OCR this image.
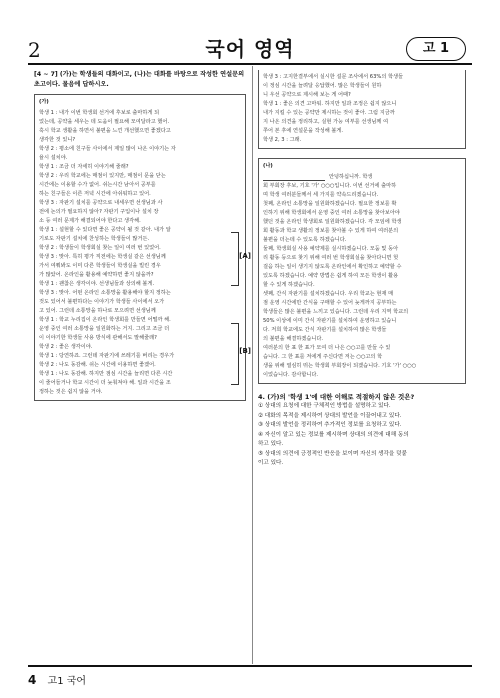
2	국어 영역	고 1
[4 ~ 7] (가)는 학생들의 대화이고, (나)는 대화를 바탕으로 작성한 연설문의 초고이다. 물음에 답하시오.
(가)
학생 1 : 내가 이번 학생회 선거에 후보로 출마하게 되
었는데, 공약을 세우는 데 도움이 필요해 모여달라고 했어.
혹시 학교 생활을 하면서 불편을 느낀 개선했으면 좋겠다고
생각한 것 있니?
학생 2 : 평소에 친구들 사이에서 제일 많이 나온 이야기는 자
율시 설치야.
학생 1 : 조금 더 자세히 이야기해 줄래?
학생 2 : 우리 학교에는 매점이 있지만, 매점이 문을 닫는
시간에는 이용할 수가 없어. 쉬는시간 남아서 공부를
하는 친구들은 이른 저녁 시간에 아쉬워하고 있어.
학생 3 : 자판기 설치를 공약으로 내세우면 선생님과 사
전에 논의가 필요하지 않아? 자판기 구입이나 설치 장
소 등 여러 문제가 해결되어야 한다고 생각해.
학생 1 : 설현할 수 있다면 좋은 공약이 될 것 같아. 내가 알
기로도 자판기 설치에 찬성하는 학생들이 많거든.
학생 2 : 학생들이 학생회실 찾는 일이 여러 번 있었어.
학생 3 : 맞아. 특히 평가 직전에는 학생실 같은 선생님께
가서 여쭤봐도 이미 다른 학생들이 학생실을 빌린 경우
가 많았어. 온라인을 활용해 예약하면 좋지 않을까?
학생 1 : 괜찮은 생각이야. 선생님들과 상의해 볼게.
학생 3 : 맞아. 어떤 온라인 소통망을 활용해야 할지 정하는
것도 있어서 불편하다는 이야기가 학생들 사이에서 오가
고 있어. 그런데 소통망을 하나로 모으려면 선생님께
학생 1 : 학교 누리집이 온라인 학생회를 만들면 어떨까 해.
운영 중인 여러 소통망을 일원화하는 거지. 그리고 조금 더
이 이야기한 학생들 사용 방식에 관해서도 말해줄래?
학생 2 : 좋은 생각이야.
학생 1 : 당연하죠. 그런데 자판기에 쓰레기를 버리는 경우가
학생 2 : 나도 동감해. 쉬는 시간에 이용하면 좋겠어.
학생 1 : 나도 동감해. 하지만 점심 시간을 늘리면 다른 시간
이 줄어들거나 학교 시간이 더 늦춰져야 해. 일과 시간을 조
정하는 것은 쉽지 않을 거야.
[A]
[B]
학생 3 : 고지한결부에서 실시한 설문 조사에서 63%의 학생들
이 정심 시간을 늘려달 응답했어. 많은 학생들이 원하
니 우선 공약으로 제시해 보는 게 어때?
학생 1 : 좋은 의견 고마워. 하지만 일과 조정은 쉽지 않으니
내가 지킬 수 있는 공약만 제시하는 것이 좋아. 그럼 지금까
지 나온 의견을 정리하고, 실현 가능 여부를 선생님께 여
쭈어 본 후에 연설문을 작성해 볼게.
학생 2, 3 : 그래.
(나)
안녕하십니까. 학생
회 부회장 후보, 기호 '가' ○○○입니다. 이번 선거에 출마하
며 학생 여러분들께서 세 가지를 약속드리겠습니다.
첫째, 온라인 소통망을 일원화하겠습니다. 필요한 정보를 확
인하기 위해 학생회에서 운영 중인 여러 소통망을 찾아보아야
했던 것을 온라인 학생회로 일원화하겠습니다. 각 모임에 학생
회 활동과 학교 생활의 정보를 찾아볼 수 있게 하여 여러분의
불편을 더는데 수 있도록 하겠습니다.
둘째, 학생회실 사용 예약제를 실시하겠습니다. 모둠 및 동아
리 활동 등으로 찾기 위해 여러 번 학생회실을 찾아다니면 헛
걸음 하는 일이 생기지 않도록 온라인에서 확인하고 예약할 수
있도록 하겠습니다. 예약 방법은 쉽게 하여 모든 학생이 활용
할 수 있게 하겠습니다.
셋째, 간식 자판기를 설치하겠습니다. 우리 학교는 현재 매
점 운영 시간에만 간식을 구매할 수 있어 늦게까지 공부하는
학생들은 많은 불편을 느끼고 있습니다. 그런데 우리 지역 학교의
50% 이상에 이미 간식 자판기를 설치하여 운영하고 있습니
다. 저희 학교에도 간식 자판기를 설치하여 많은 학생들
의 불편을 해결하겠습니다.
여러분의 한 표 한 표가 모여 더 나은 ○○고를 만들 수 있
습니다. 그 한 표를 저에게 주신다면 저는 ○○고의 학
생을 위해 열심히 뛰는 학생회 부회장이 되겠습니다. 기호 '가' ○○○
이었습니다. 감사합니다.
4. (가)의 '학생 1'에 대한 이해로 적절하지 않은 것은?
① 상대의 요청에 대한 구체적인 방법을 설명하고 있다.
② 대화의 목적을 제시하여 상대의 발언을 이끌어내고 있다.
③ 상대의 발언을 정리하여 추가적인 정보를 요청하고 있다.
④ 자신이 알고 있는 정보를 제시하며 상대의 의견에 대해 동의
하고 있다.
⑤ 상대의 의견에 긍정적인 반응을 보이며 자신의 생각을 덧붙
이고 있다.
4 고1 국어
